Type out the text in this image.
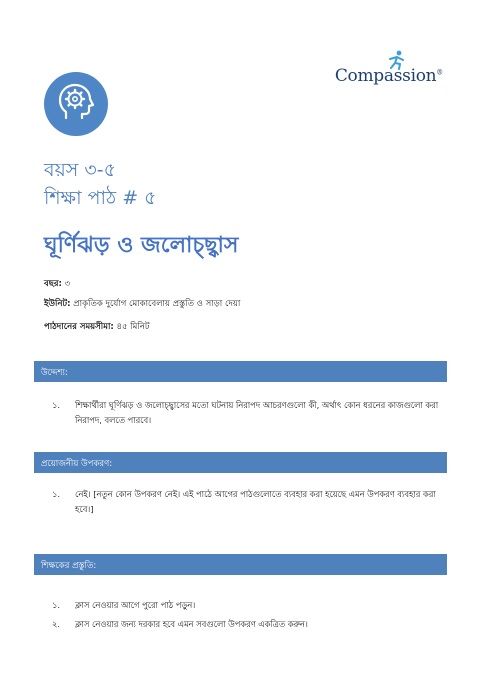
Compassion®
বয়স ৩-৫
শিক্ষা পাঠ # ৫
ঘূর্ণিঝড় ও জলোচ্ছ্বাস
বছর: ৩
ইউনিট: প্রাকৃতিক দুর্যোগ মোকাবেলায় প্রস্তুতি ও সাড়া দেয়া
পাঠদানের সময়সীমা: ৪৫ মিনিট
উদ্দেশ্য:
১. শিক্ষার্থীরা ঘূর্ণিঝড় ও জলোচ্ছ্বাসের মতো ঘটনায় নিরাপদ আচরণগুলো কী, অর্থাৎ কোন ধরনের কাজগুলো করা নিরাপদ, বলতে পারবে।
প্রয়োজনীয় উপকরণ:
১. নেই। [নতুন কোন উপকরণ নেই। এই পাঠে আগের পাঠগুলোতে ব্যবহার করা হয়েছে এমন উপকরণ ব্যবহার করা হবে।]
শিক্ষকের প্রস্তুতি:
১. ক্লাস নেওয়ার আগে পুরো পাঠ পড়ুন।
২. ক্লাস নেওয়ার জন্য দরকার হবে এমন সবগুলো উপকরণ একত্রিত করুন।
